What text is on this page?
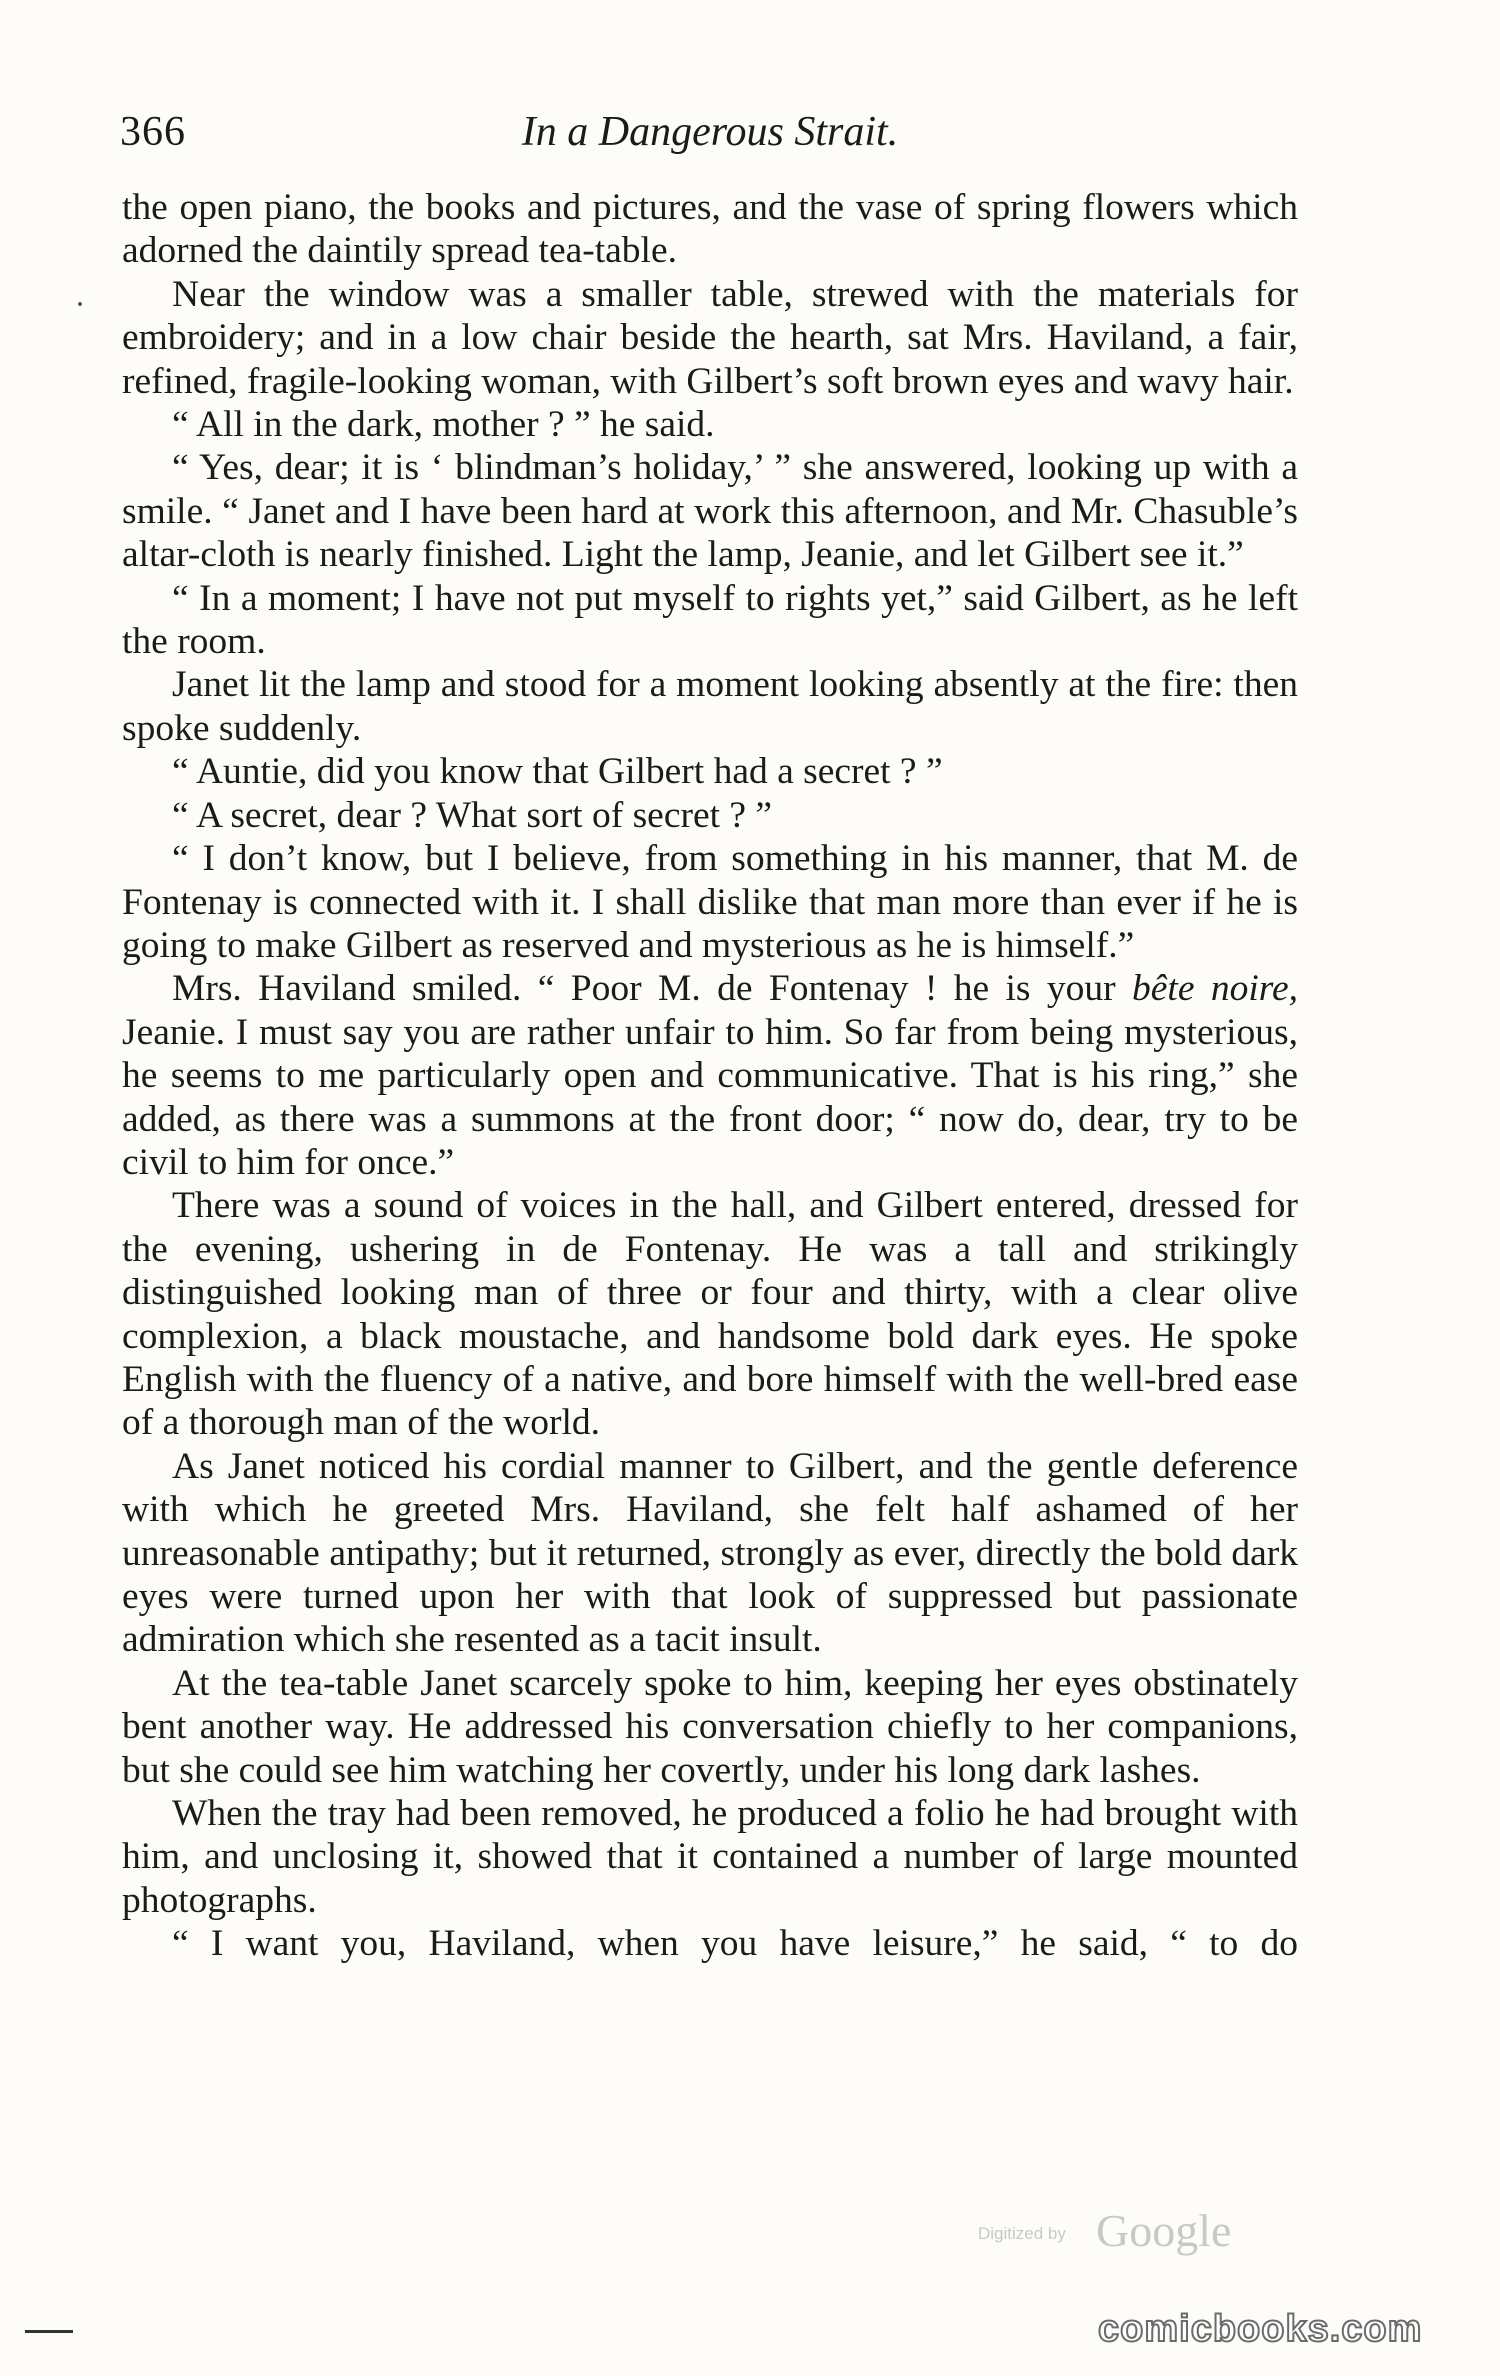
366	In a Dangerous Strait.

the open piano, the books and pictures, and the vase of spring flowers which adorned the daintily spread tea-table.

Near the window was a smaller table, strewed with the materials for embroidery; and in a low chair beside the hearth, sat Mrs. Haviland, a fair, refined, fragile-looking woman, with Gilbert’s soft brown eyes and wavy hair.

“ All in the dark, mother ? ” he said.

“ Yes, dear; it is ‘ blindman’s holiday,’ ” she answered, looking up with a smile. “ Janet and I have been hard at work this afternoon, and Mr. Chasuble’s altar-cloth is nearly finished. Light the lamp, Jeanie, and let Gilbert see it.”

“ In a moment; I have not put myself to rights yet,” said Gilbert, as he left the room.

Janet lit the lamp and stood for a moment looking absently at the fire: then spoke suddenly.

“ Auntie, did you know that Gilbert had a secret ? ”

“ A secret, dear ? What sort of secret ? ”

“ I don’t know, but I believe, from something in his manner, that M. de Fontenay is connected with it. I shall dislike that man more than ever if he is going to make Gilbert as reserved and mysterious as he is himself.”

Mrs. Haviland smiled. “ Poor M. de Fontenay ! he is your bête noire, Jeanie. I must say you are rather unfair to him. So far from being mysterious, he seems to me particularly open and communicative. That is his ring,” she added, as there was a summons at the front door; “ now do, dear, try to be civil to him for once.”

There was a sound of voices in the hall, and Gilbert entered, dressed for the evening, ushering in de Fontenay. He was a tall and strikingly distinguished looking man of three or four and thirty, with a clear olive complexion, a black moustache, and handsome bold dark eyes. He spoke English with the fluency of a native, and bore himself with the well-bred ease of a thorough man of the world.

As Janet noticed his cordial manner to Gilbert, and the gentle deference with which he greeted Mrs. Haviland, she felt half ashamed of her unreasonable antipathy; but it returned, strongly as ever, directly the bold dark eyes were turned upon her with that look of suppressed but passionate admiration which she resented as a tacit insult.

At the tea-table Janet scarcely spoke to him, keeping her eyes obstinately bent another way. He addressed his conversation chiefly to her companions, but she could see him watching her covertly, under his long dark lashes.

When the tray had been removed, he produced a folio he had brought with him, and unclosing it, showed that it contained a number of large mounted photographs.

“ I want you, Haviland, when you have leisure,” he said, “ to do

Digitized by Google
comicbooks.com
